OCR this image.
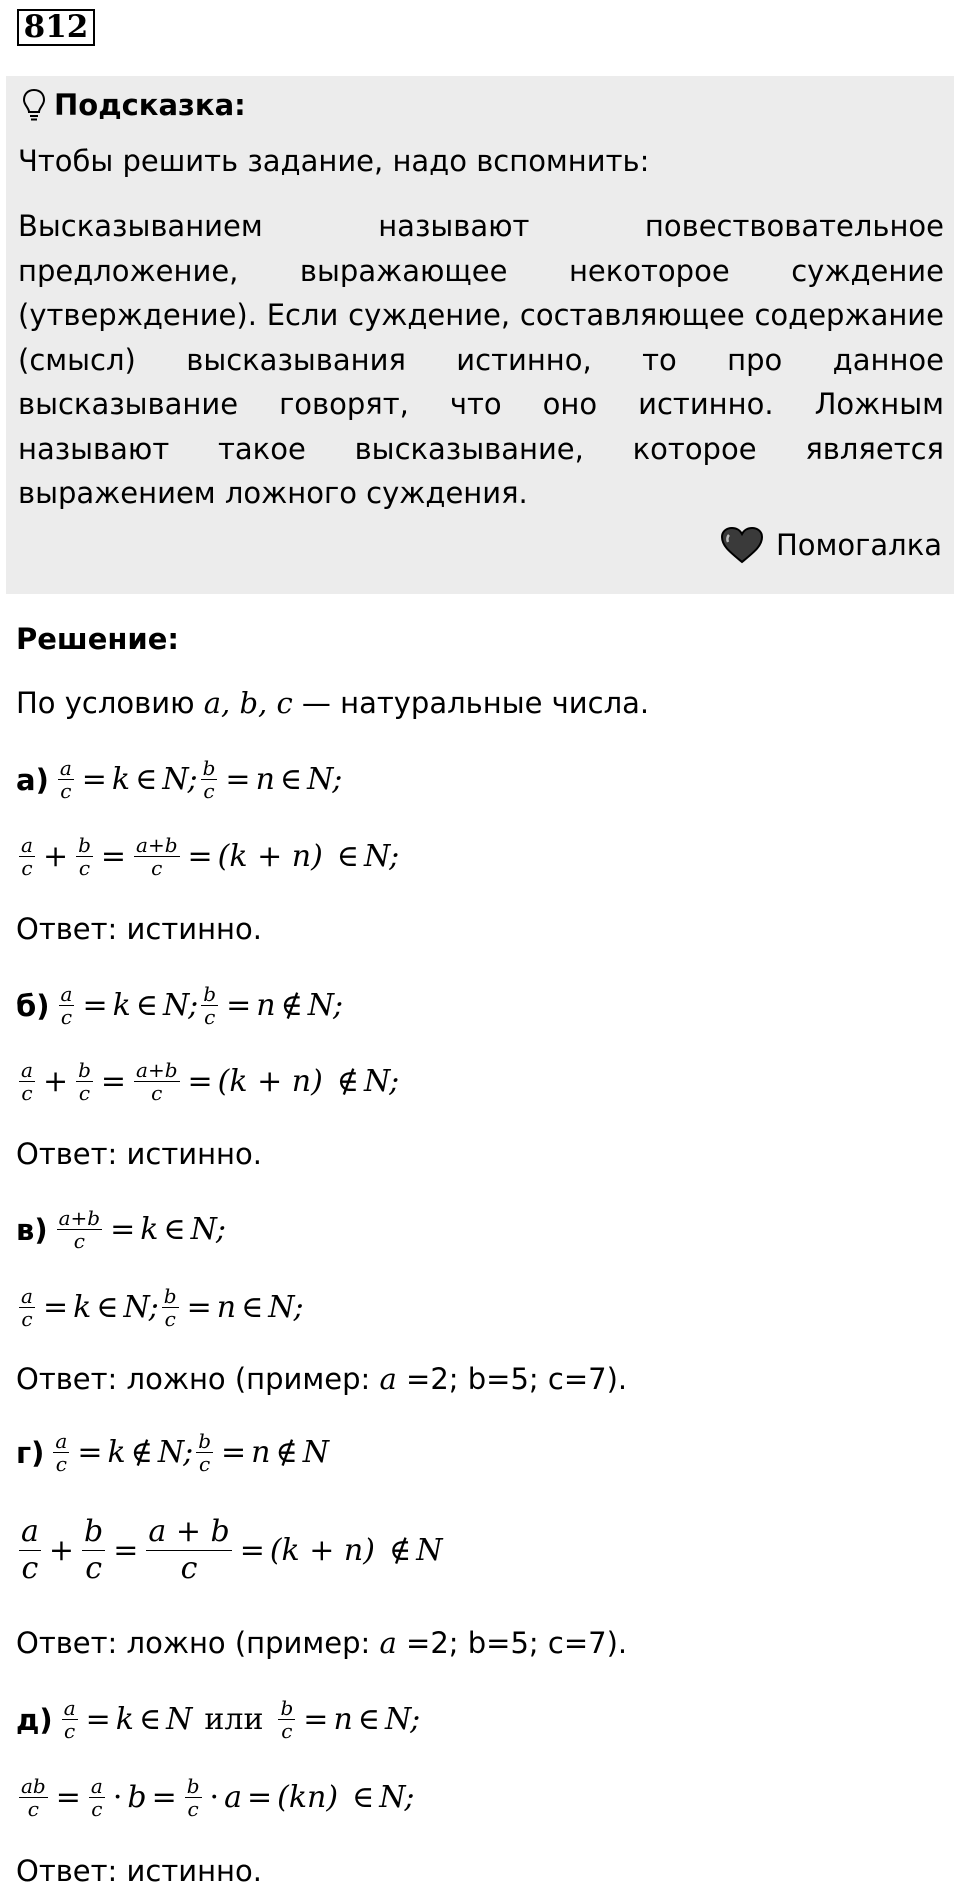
812
Подсказка:
Чтобы решить задание, надо вспомнить:
Высказыванием называют повествовательное предложение, выражающее некоторое суждение (утверждение). Если суждение, составляющее содержание (смысл) высказывания истинно, то про данное высказывание говорят, что оно истинно. Ложным называют такое высказывание, которое является выражением ложного суждения.
Помогалка
Решение:
По условию a, b, c — натуральные числа.
$а) \frac{a}{c} = k$ ∈ N; $\frac{b}{c} = n$ ∈ N;
$\frac{a}{c} + \frac{b}{c} = \frac{a+b}{c} = (k + n)$ ∈ N;
Ответ: истинно.
$б) \frac{a}{c} = k$ ∈ N; $\frac{b}{c} = n$ ∉ N;
$\frac{a}{c} + \frac{b}{c} = \frac{a+b}{c} = (k + n)$ ∉ N;
Ответ: истинно.
$в) \frac{a+b}{c} = k$ ∈ N;
$\frac{a}{c} = k$ ∈ N; $\frac{b}{c} = n$ ∈ N;
Ответ: ложно (пример: a =2; b=5; c=7).
$г) \frac{a}{c} = k$ ∉ N; $\frac{b}{c} = n$ ∉ N
$\frac{a}{c} + \frac{b}{c} = \frac{a + b}{c} = (k + n)$ ∉ N
Ответ: ложно (пример: a =2; b=5; c=7).
$д) \frac{a}{c} = k$ ∈ N или $\frac{b}{c} = n$ ∈ N;
$\frac{ab}{c} = \frac{a}{c} \cdot b = \frac{b}{c} \cdot a = (kn)$ ∈ N;
Ответ: истинно.
